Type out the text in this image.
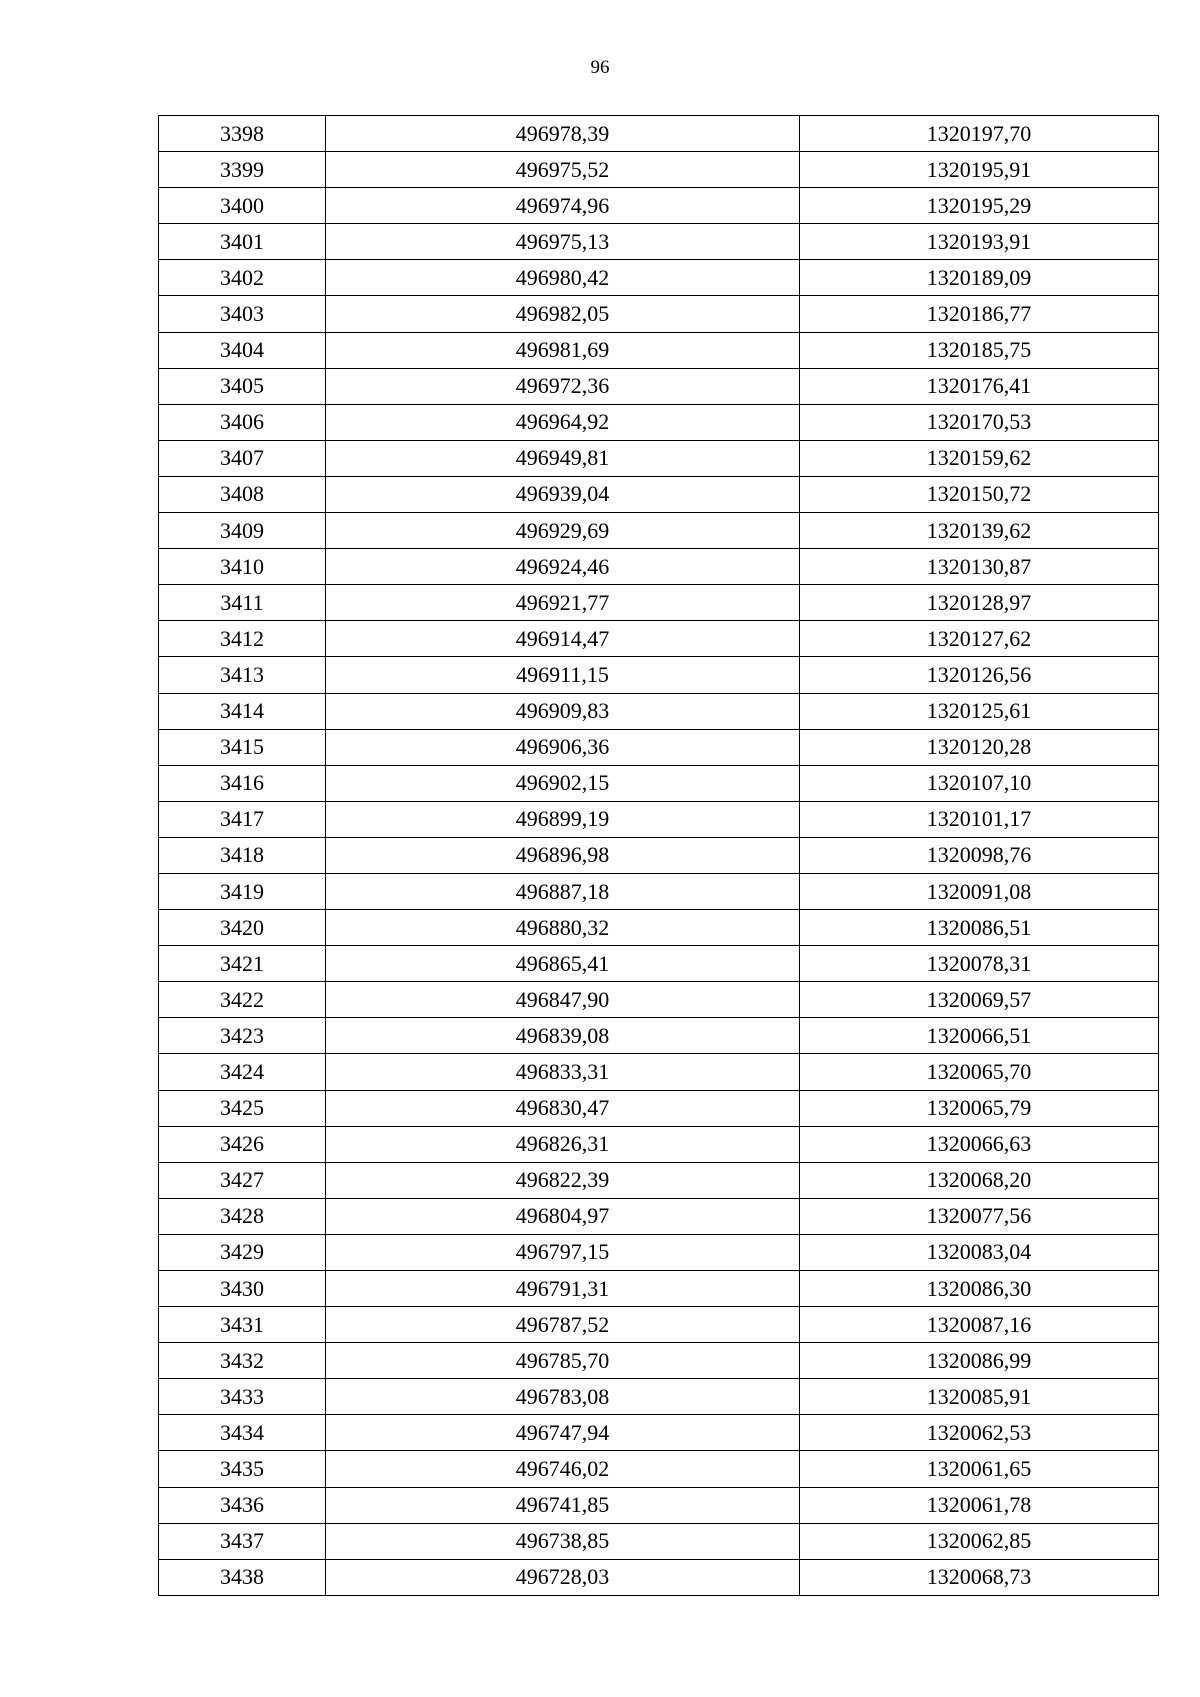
96
3398	496978,39	1320197,70
3399	496975,52	1320195,91
3400	496974,96	1320195,29
3401	496975,13	1320193,91
3402	496980,42	1320189,09
3403	496982,05	1320186,77
3404	496981,69	1320185,75
3405	496972,36	1320176,41
3406	496964,92	1320170,53
3407	496949,81	1320159,62
3408	496939,04	1320150,72
3409	496929,69	1320139,62
3410	496924,46	1320130,87
3411	496921,77	1320128,97
3412	496914,47	1320127,62
3413	496911,15	1320126,56
3414	496909,83	1320125,61
3415	496906,36	1320120,28
3416	496902,15	1320107,10
3417	496899,19	1320101,17
3418	496896,98	1320098,76
3419	496887,18	1320091,08
3420	496880,32	1320086,51
3421	496865,41	1320078,31
3422	496847,90	1320069,57
3423	496839,08	1320066,51
3424	496833,31	1320065,70
3425	496830,47	1320065,79
3426	496826,31	1320066,63
3427	496822,39	1320068,20
3428	496804,97	1320077,56
3429	496797,15	1320083,04
3430	496791,31	1320086,30
3431	496787,52	1320087,16
3432	496785,70	1320086,99
3433	496783,08	1320085,91
3434	496747,94	1320062,53
3435	496746,02	1320061,65
3436	496741,85	1320061,78
3437	496738,85	1320062,85
3438	496728,03	1320068,73
